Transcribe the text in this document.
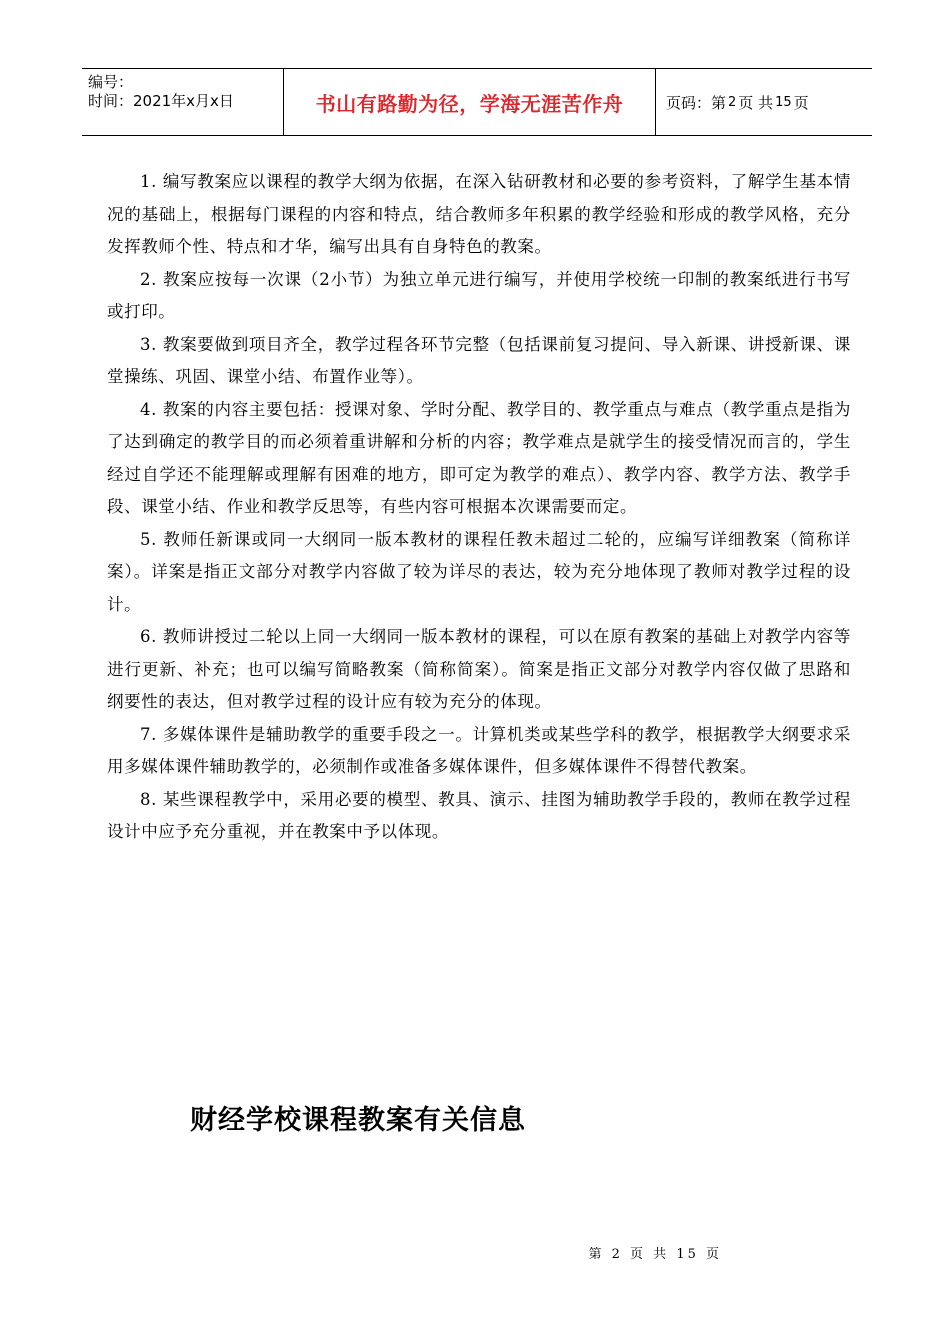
编号：
时间：2021年x月x日	书山有路勤为径，学海无涯苦作舟	页码：第 2 页 共 15 页

1. 编写教案应以课程的教学大纲为依据，在深入钻研教材和必要的参考资料，了解学生基本情况的基础上，根据每门课程的内容和特点，结合教师多年积累的教学经验和形成的教学风格，充分发挥教师个性、特点和才华，编写出具有自身特色的教案。

2. 教案应按每一次课（2小节）为独立单元进行编写，并使用学校统一印制的教案纸进行书写或打印。

3. 教案要做到项目齐全，教学过程各环节完整（包括课前复习提问、导入新课、讲授新课、课堂操练、巩固、课堂小结、布置作业等）。

4. 教案的内容主要包括：授课对象、学时分配、教学目的、教学重点与难点（教学重点是指为了达到确定的教学目的而必须着重讲解和分析的内容；教学难点是就学生的接受情况而言的，学生经过自学还不能理解或理解有困难的地方，即可定为教学的难点）、教学内容、教学方法、教学手段、课堂小结、作业和教学反思等，有些内容可根据本次课需要而定。

5. 教师任新课或同一大纲同一版本教材的课程任教未超过二轮的，应编写详细教案（简称详案）。详案是指正文部分对教学内容做了较为详尽的表达，较为充分地体现了教师对教学过程的设计。

6. 教师讲授过二轮以上同一大纲同一版本教材的课程，可以在原有教案的基础上对教学内容等进行更新、补充；也可以编写简略教案（简称简案）。简案是指正文部分对教学内容仅做了思路和纲要性的表达，但对教学过程的设计应有较为充分的体现。

7. 多媒体课件是辅助教学的重要手段之一。计算机类或某些学科的教学，根据教学大纲要求采用多媒体课件辅助教学的，必须制作或准备多媒体课件，但多媒体课件不得替代教案。

8. 某些课程教学中，采用必要的模型、教具、演示、挂图为辅助教学手段的，教师在教学过程设计中应予充分重视，并在教案中予以体现。

财经学校课程教案有关信息
第 2 页 共 15 页
